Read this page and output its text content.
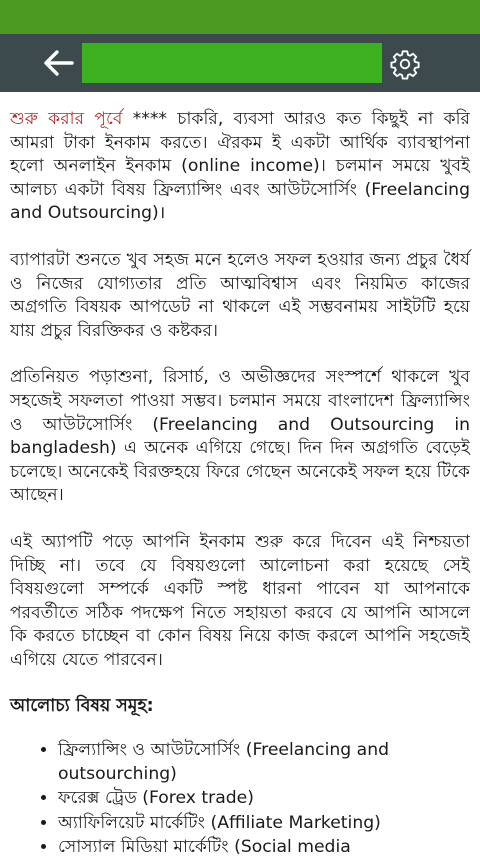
শুরু করার পূর্বে **** চাকরি, ব্যবসা আরও কত কিছুই না করি আমরা টাকা ইনকাম করতে। ঐরকম ই একটা আর্থিক ব্যাবস্থাপনা হলো অনলাইন ইনকাম (online income)। চলমান সময়ে খুবই আলচ্য একটা বিষয় ফ্রিল্যান্সিং এবং আউটসোর্সিং (Freelancing and Outsourcing)।

ব্যাপারটা শুনতে খুব সহজ মনে হলেও সফল হওয়ার জন্য প্রচুর ধৈর্য ও নিজের যোগ্যতার প্রতি আত্মবিশ্বাস এবং নিয়মিত কাজের অগ্রগতি বিষয়ক আপডেট না থাকলে এই সম্ভবনাময় সাইটটি হয়ে যায় প্রচুর বিরক্তিকর ও কষ্টকর।

প্রতিনিয়ত পড়াশুনা, রিসার্চ, ও অভীজ্ঞদের সংস্পর্শে থাকলে খুব সহজেই সফলতা পাওয়া সম্ভব। চলমান সময়ে বাংলাদেশ ফ্রিল্যান্সিং ও আউটসোর্সিং (Freelancing and Outsourcing in bangladesh) এ অনেক এগিয়ে গেছে। দিন দিন অগ্রগতি বেড়েই চলেছে। অনেকেই বিরক্তহয়ে ফিরে গেছেন অনেকেই সফল হয়ে টিকে আছেন।

এই অ্যাপটি পড়ে আপনি ইনকাম শুরু করে দিবেন এই নিশ্চয়তা দিচ্ছি না। তবে যে বিষয়গুলো আলোচনা করা হয়েছে সেই বিষয়গুলো সম্পর্কে একটি স্পষ্ট ধারনা পাবেন যা আপনাকে পরবর্তীতে সঠিক পদক্ষেপ নিতে সহায়তা করবে যে আপনি আসলে কি করতে চাচ্ছেন বা কোন বিষয় নিয়ে কাজ করলে আপনি সহজেই এগিয়ে যেতে পারবেন।

আলোচ্য বিষয় সমূহ:

• ফ্রিল্যান্সিং ও আউটসোর্সিং (Freelancing and outsourching)
• ফরেক্স ট্রেড (Forex trade)
• অ্যাফিলিয়েট মার্কেটিং (Affiliate Marketing)
• সোস্যাল মিডিয়া মার্কেটিং (Social media
